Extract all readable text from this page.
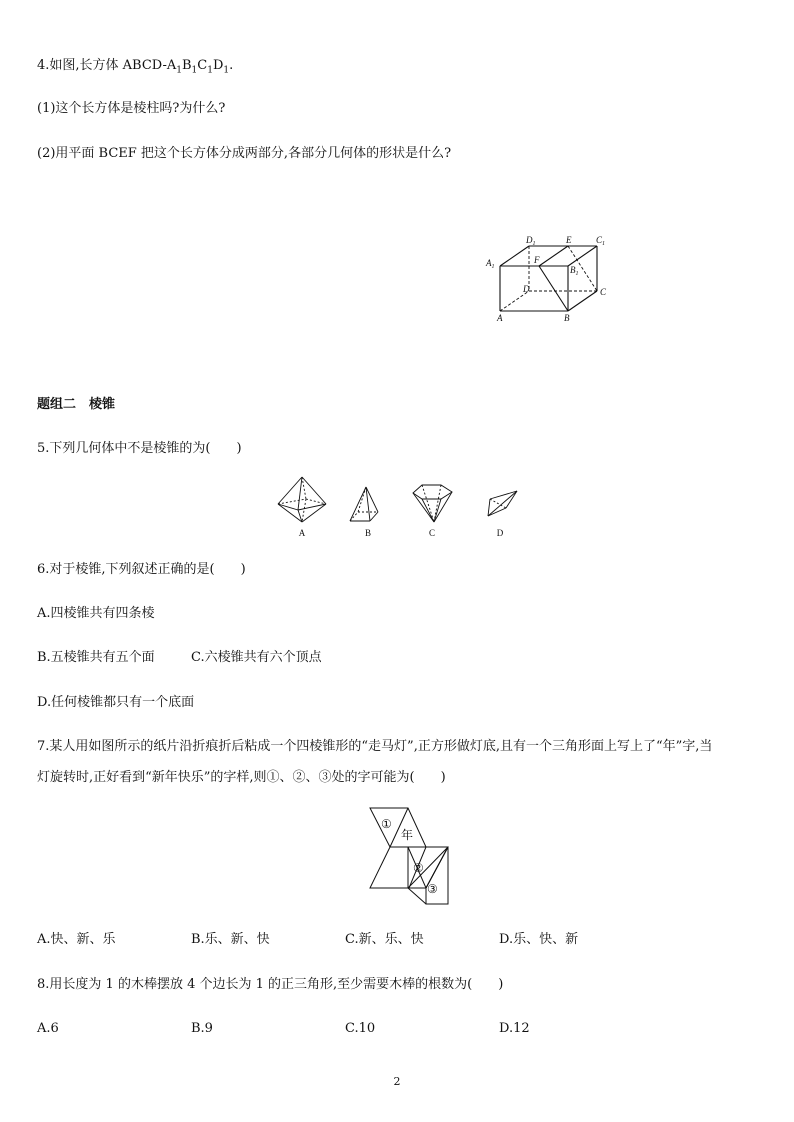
4.如图,长方体 ABCD-$A_1B_1C_1D_1$.
(1)这个长方体是棱柱吗?为什么?
(2)用平面 BCEF 把这个长方体分成两部分,各部分几何体的形状是什么?
$D_1$	E	$C_1$
$A_1$
F
$B_1$
D	C
A	B
题组二　棱锥
5.下列几何体中不是棱锥的为(　　)
A	B	C	D
6.对于棱锥,下列叙述正确的是(　　)
A.四棱锥共有四条棱
B.五棱锥共有五个面	C.六棱锥共有六个顶点
D.任何棱锥都只有一个底面
7.某人用如图所示的纸片沿折痕折后粘成一个四棱锥形的“走马灯”,正方形做灯底,且有一个三角形面上写上了“年”字,当
灯旋转时,正好看到“新年快乐”的字样,则①、②、③处的字可能为(　　)
①
年
②
③
A.快、新、乐	B.乐、新、快	C.新、乐、快	D.乐、快、新
8.用长度为 1 的木棒摆放 4 个边长为 1 的正三角形,至少需要木棒的根数为(　　)
A.6	B.9	C.10	D.12
2
